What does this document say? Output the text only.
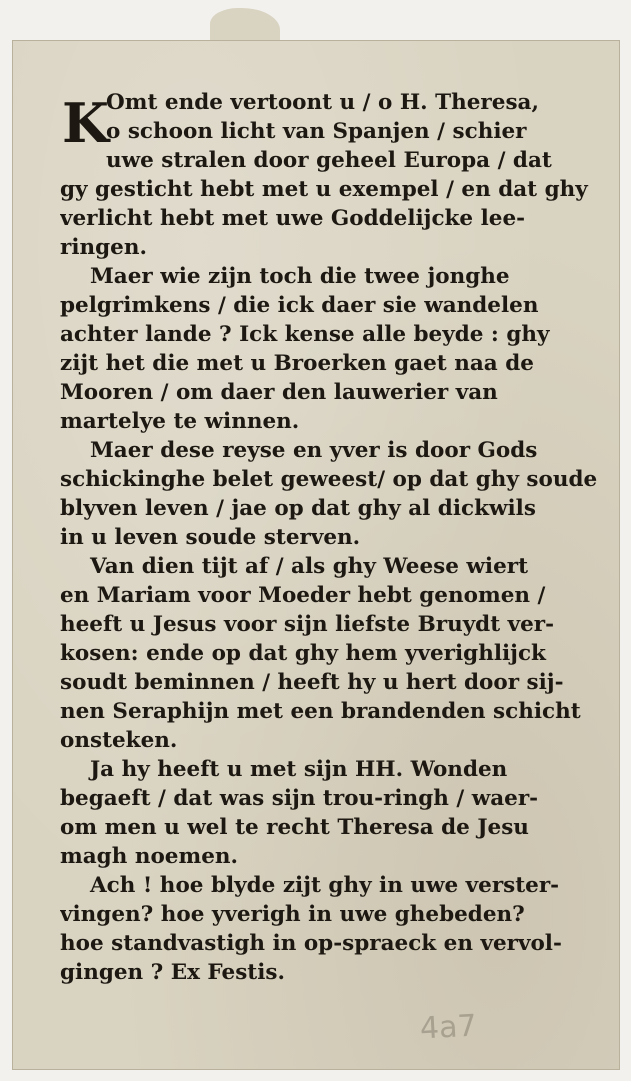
K
Omt ende vertoont u / o H. Theresa,
o schoon licht van Spanjen / schier
uwe stralen door geheel Europa / dat
gy gesticht hebt met u exempel / en dat ghy
verlicht hebt met uwe Goddelijcke lee-
ringen.
Maer wie zijn toch die twee jonghe
pelgrimkens / die ick daer sie wandelen
achter lande ? Ick kense alle beyde : ghy
zijt het die met u Broerken gaet naa de
Mooren / om daer den lauwerier van
martelye te winnen.
Maer dese reyse en yver is door Gods
schickinghe belet geweest/ op dat ghy soude
blyven leven / jae op dat ghy al dickwils
in u leven soude sterven.
Van dien tijt af / als ghy Weese wiert
en Mariam voor Moeder hebt genomen /
heeft u Jesus voor sijn liefste Bruydt ver-
kosen: ende op dat ghy hem yverighlijck
soudt beminnen / heeft hy u hert door sij-
nen Seraphijn met een brandenden schicht
onsteken.
Ja hy heeft u met sijn HH. Wonden
begaeft / dat was sijn trou-ringh / waer-
om men u wel te recht Theresa de Jesu
magh noemen.
Ach ! hoe blyde zijt ghy in uwe verster-
vingen? hoe yverigh in uwe ghebeden?
hoe standvastigh in op-spraeck en vervol-
gingen ? Ex Festis.
4a7
